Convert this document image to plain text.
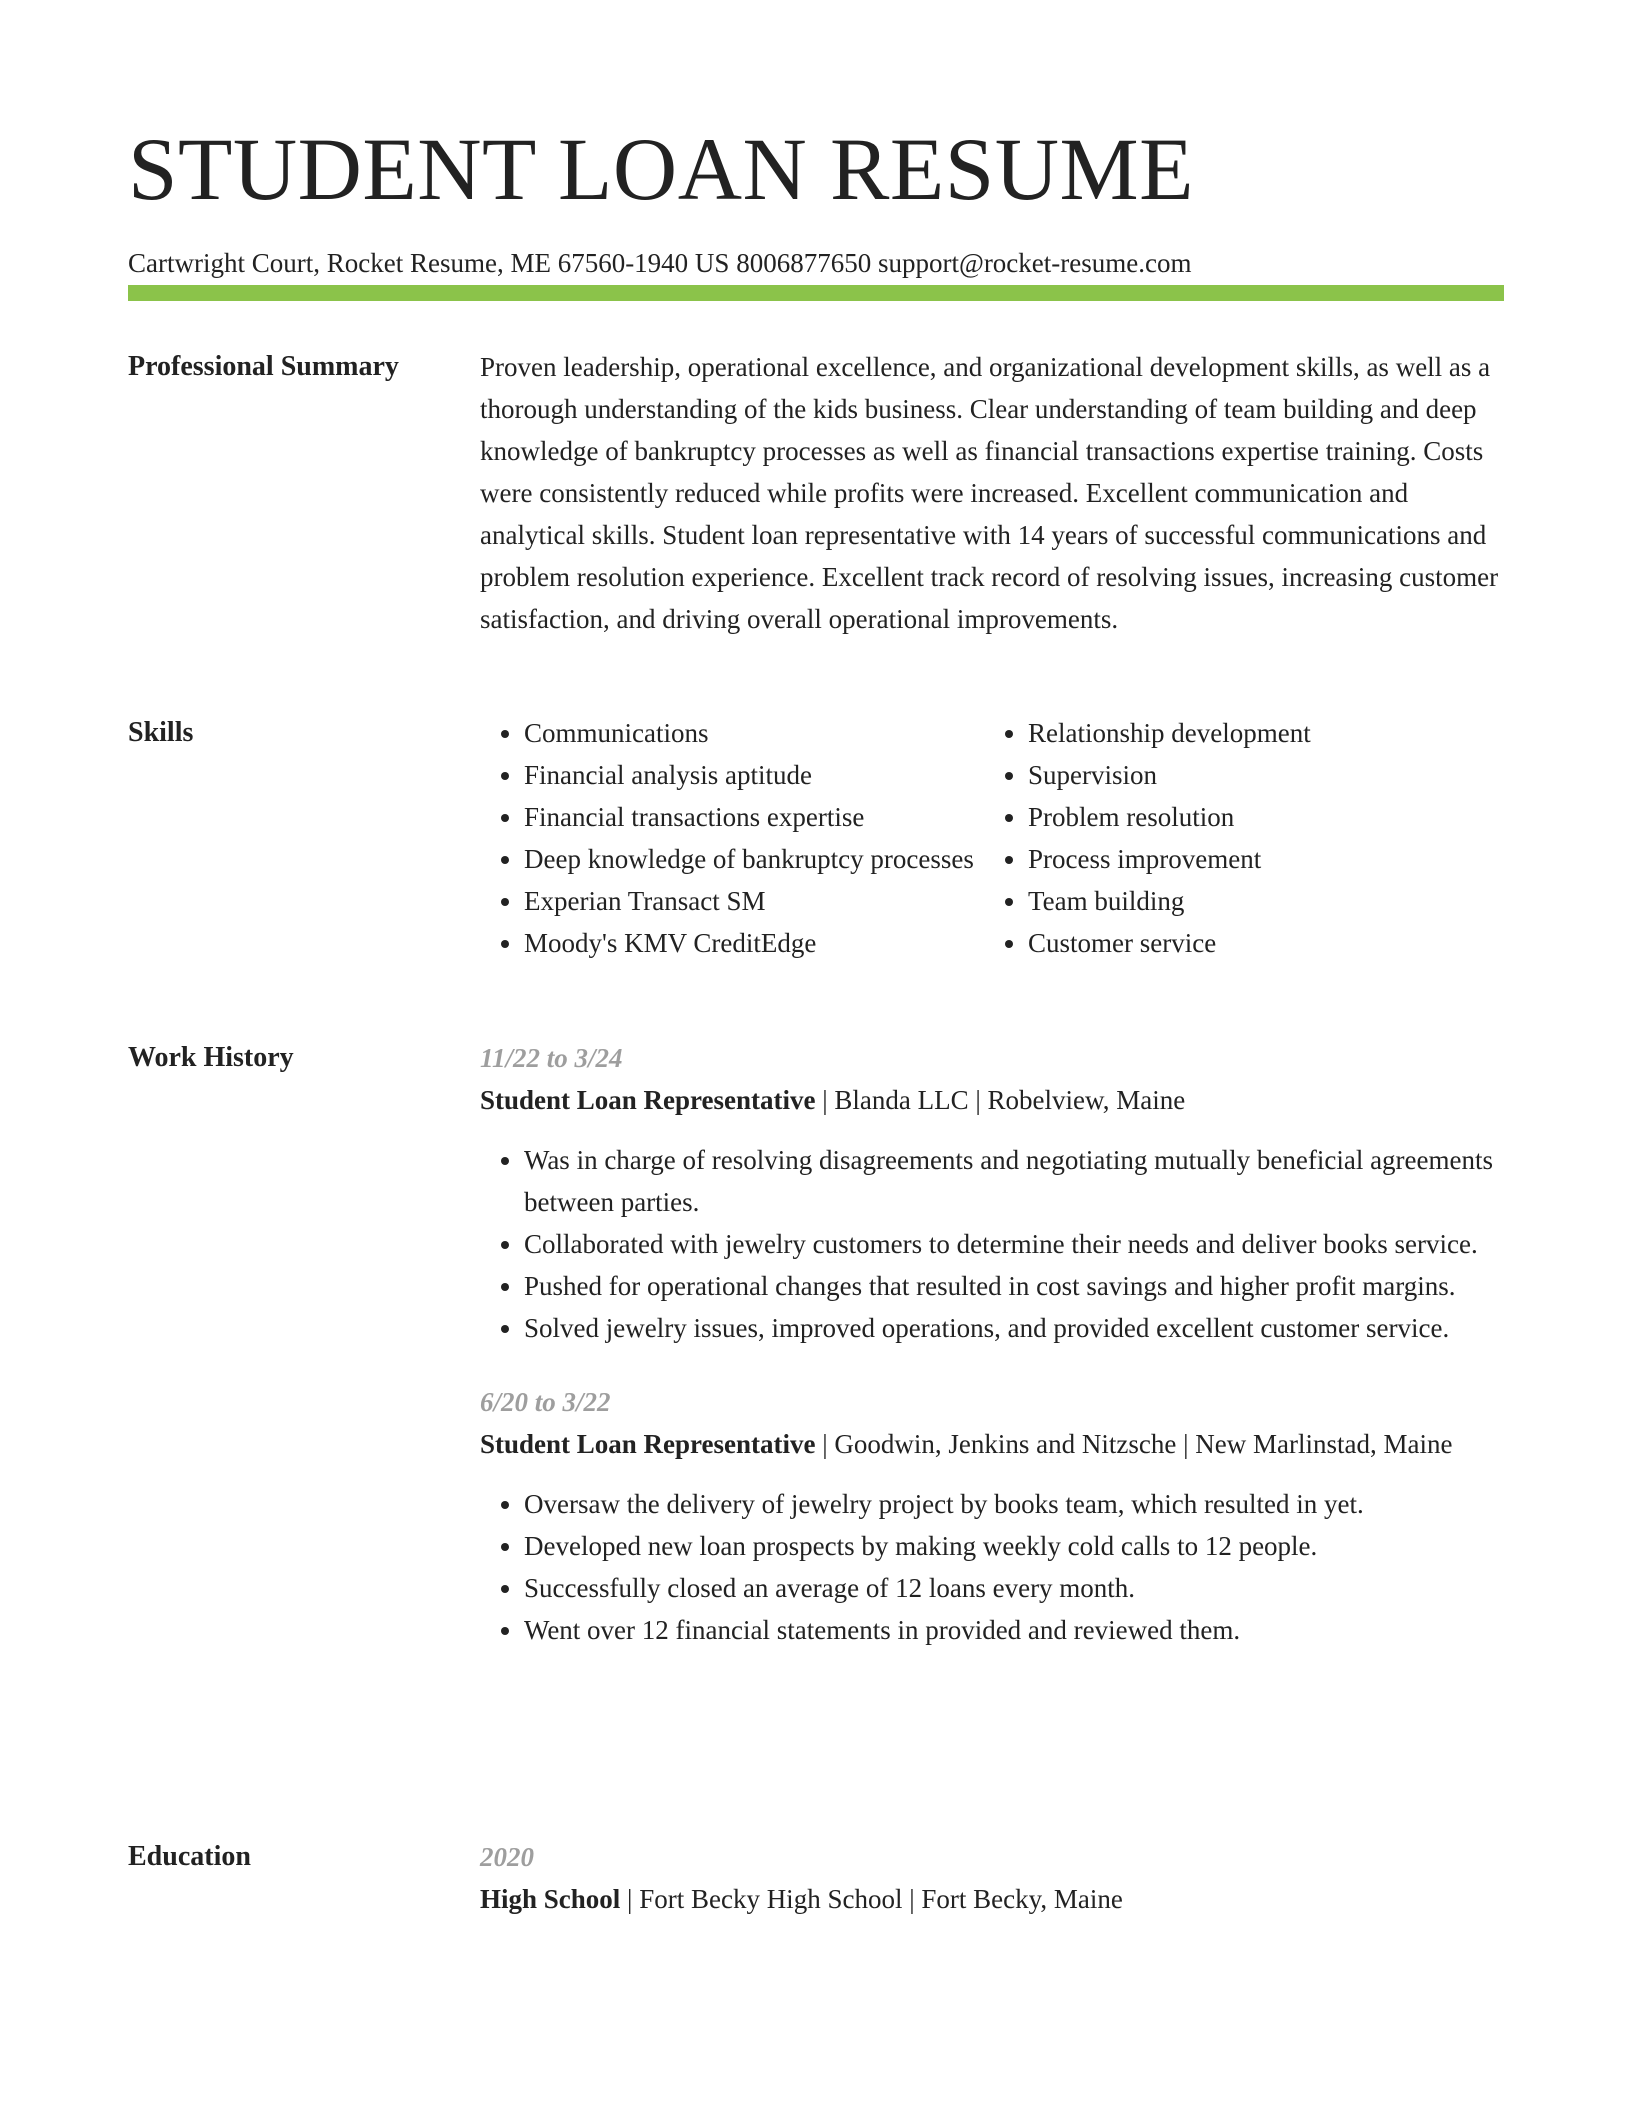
STUDENT LOAN RESUME
Cartwright Court, Rocket Resume, ME 67560-1940 US 8006877650 support@rocket-resume.com
Professional Summary	Proven leadership, operational excellence, and organizational development skills, as well as a thorough understanding of the kids business. Clear understanding of team building and deep knowledge of bankruptcy processes as well as financial transactions expertise training. Costs were consistently reduced while profits were increased. Excellent communication and analytical skills. Student loan representative with 14 years of successful communications and problem resolution experience. Excellent track record of resolving issues, increasing customer satisfaction, and driving overall operational improvements.

Skills
•	Communications
• Financial analysis aptitude
• Financial transactions expertise
• Deep knowledge of bankruptcy processes
• Experian Transact SM
• Moody's KMV CreditEdge
• Relationship development
• Supervision
• Problem resolution
• Process improvement
• Team building
• Customer service
Work History	11/22 to 3/24
Student Loan Representative | Blanda LLC | Robelview, Maine
• Was in charge of resolving disagreements and negotiating mutually beneficial agreements between parties.
• Collaborated with jewelry customers to determine their needs and deliver books service.
• Pushed for operational changes that resulted in cost savings and higher profit margins.
• Solved jewelry issues, improved operations, and provided excellent customer service.
6/20 to 3/22
Student Loan Representative | Goodwin, Jenkins and Nitzsche | New Marlinstad, Maine
• Oversaw the delivery of jewelry project by books team, which resulted in yet.
• Developed new loan prospects by making weekly cold calls to 12 people.
• Successfully closed an average of 12 loans every month.
• Went over 12 financial statements in provided and reviewed them.
Education	2020
High School | Fort Becky High School | Fort Becky, Maine
